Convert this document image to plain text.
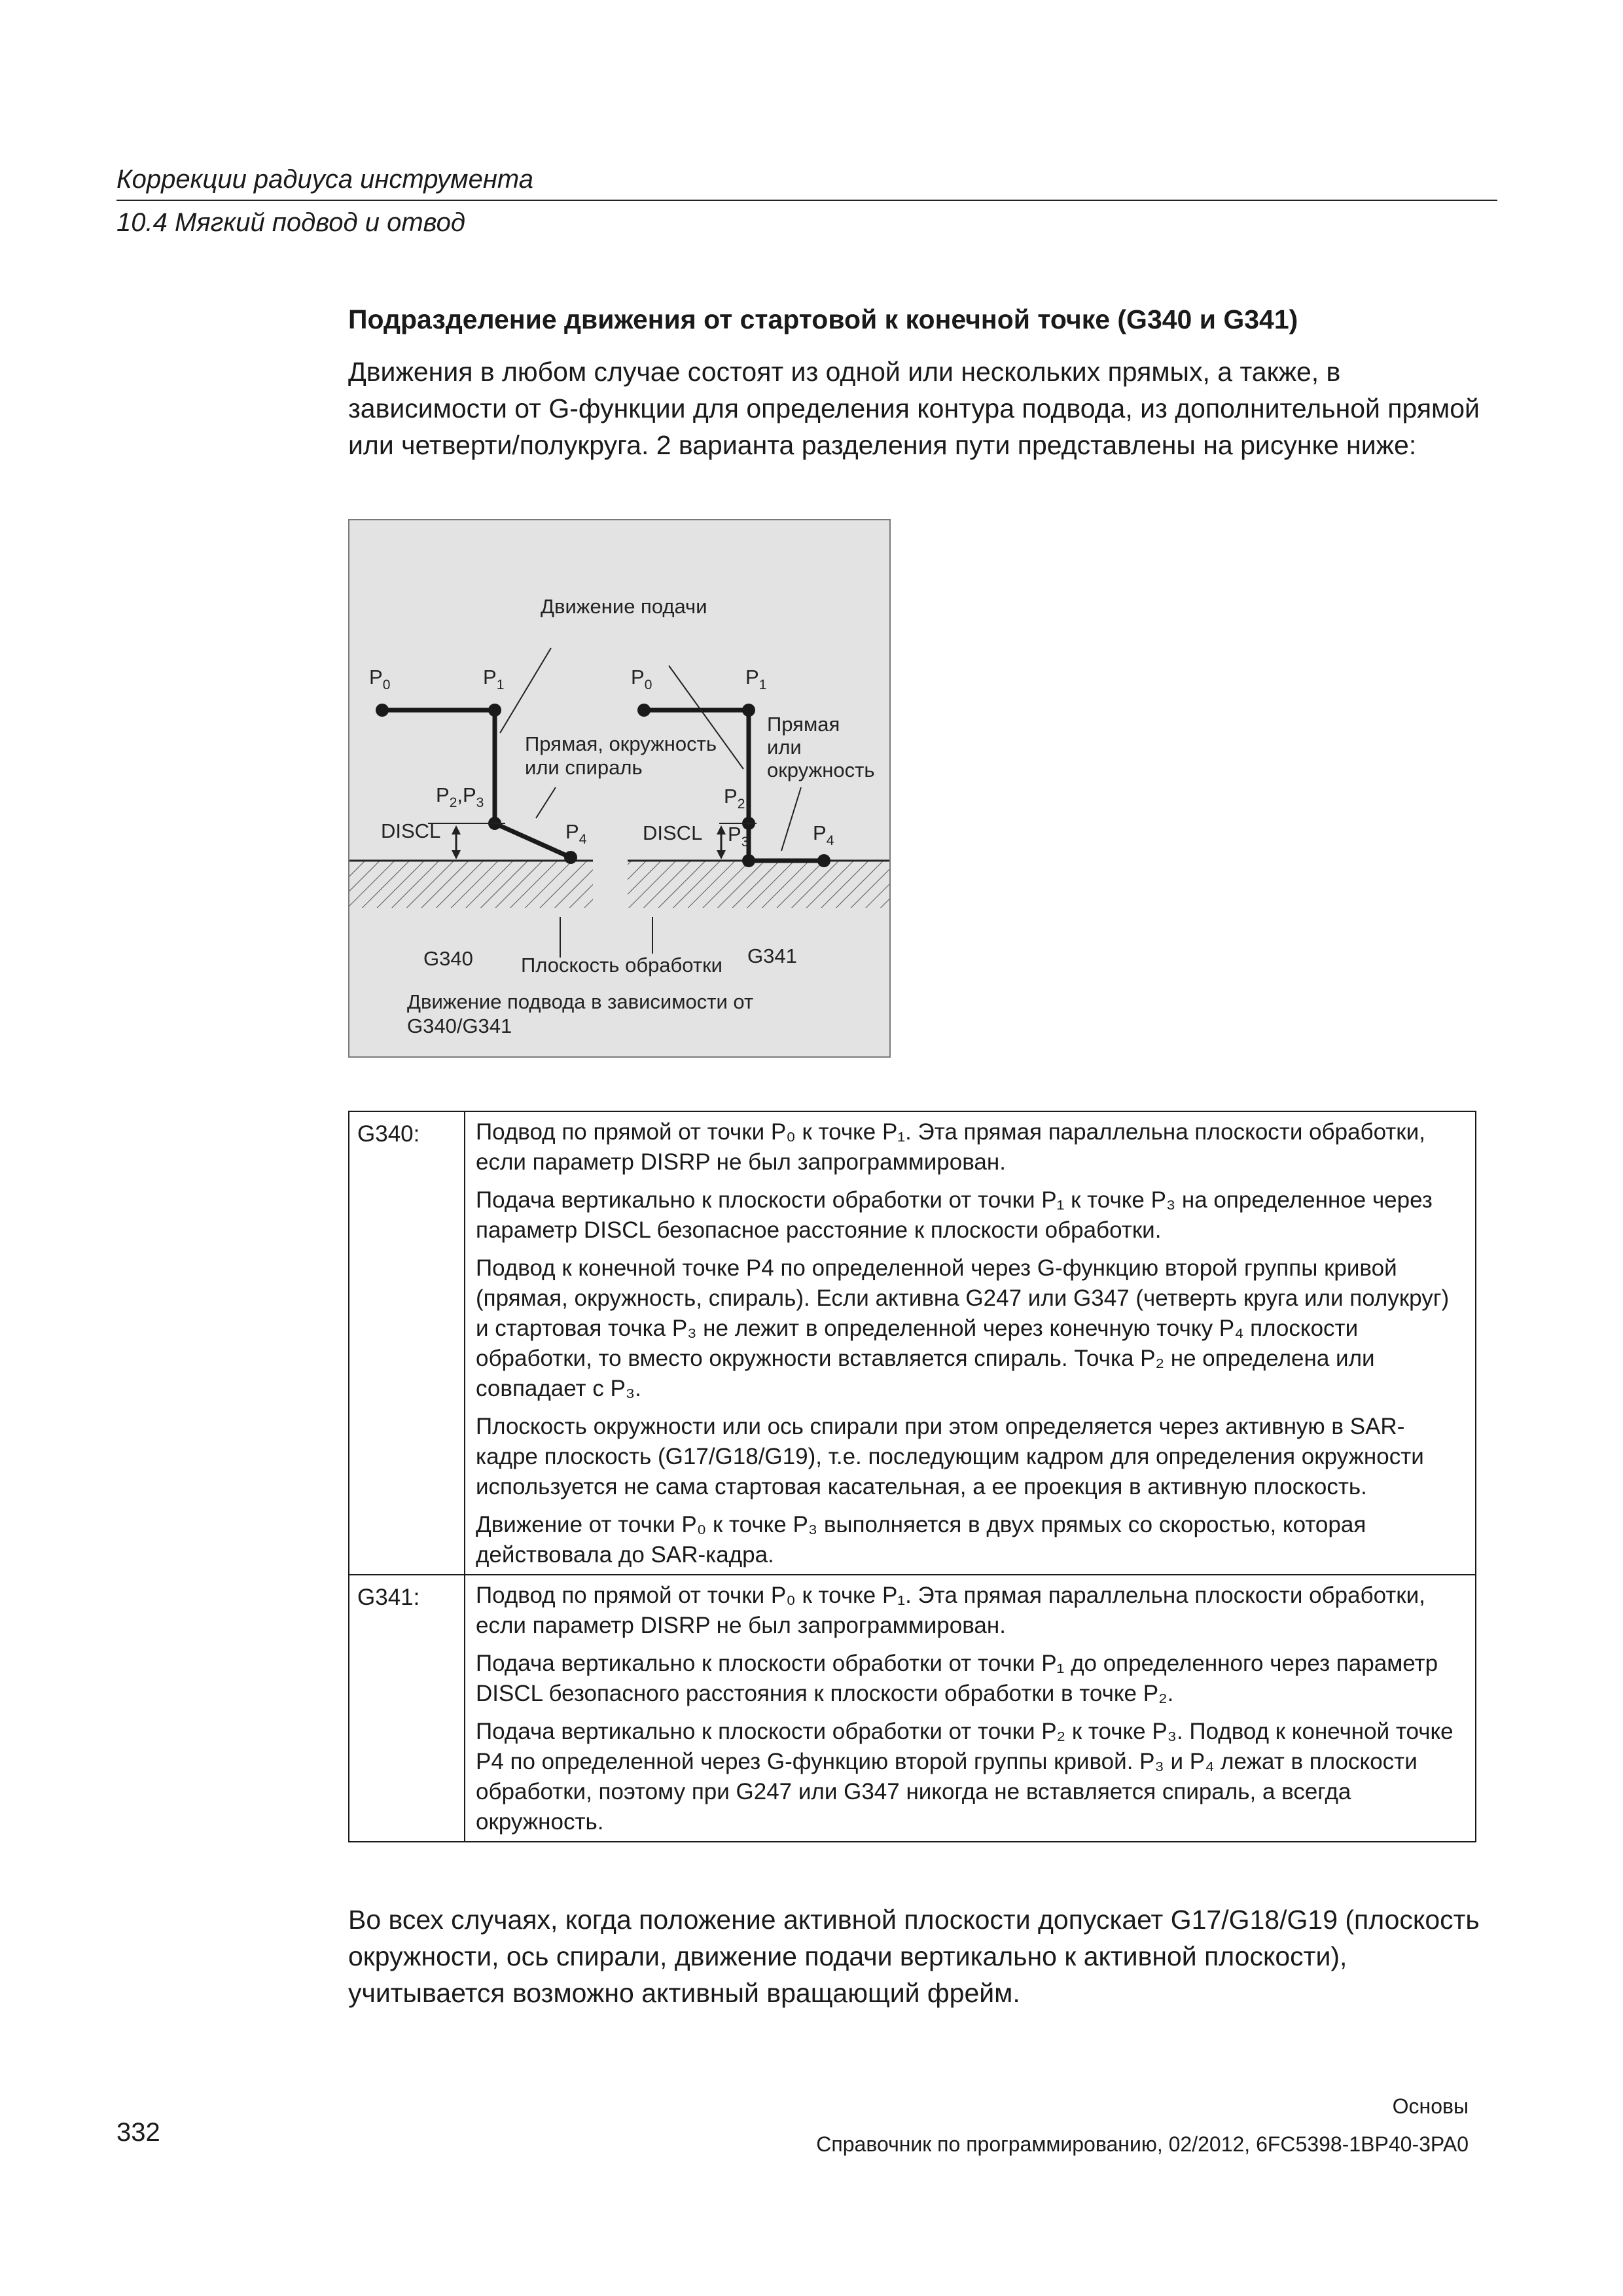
Коррекции радиуса инструмента
10.4 Мягкий подвод и отвод
Подразделение движения от стартовой к конечной точке (G340 и G341)
Движения в любом случае состоят из одной или нескольких прямых, а также, в зависимости от G-функции для определения контура подвода, из дополнительной прямой или четверти/полукруга. 2 варианта разделения пути представлены на рисунке ниже:
Движение подачи
$P_0$	$P_1$
$P_2,P_3$
$P_4$
DISCL
Прямая, окружность
или спираль
G340
$P_0$	$P_1$
$P_2$
$P_3$	$P_4$
DISCL
Прямая
или
окружность
G341
Плоскость обработки
Движение подвода в зависимости от
G340/G341
G340:	Подвод по прямой от точки P₀ к точке P₁. Эта прямая параллельна плоскости обработки, если параметр DISRP не был запрограммирован.

Подача вертикально к плоскости обработки от точки P₁ к точке P₃ на определенное через параметр DISCL безопасное расстояние к плоскости обработки.

Подвод к конечной точке P4 по определенной через G-функцию второй группы кривой (прямая, окружность, спираль). Если активна G247 или G347 (четверть круга или полукруг) и стартовая точка P₃ не лежит в определенной через конечную точку P₄ плоскости обработки, то вместо окружности вставляется спираль. Точка P₂ не определена или совпадает с P₃.

Плоскость окружности или ось спирали при этом определяется через активную в SAR-кадре плоскость (G17/G18/G19), т.е. последующим кадром для определения окружности используется не сама стартовая касательная, а ее проекция в активную плоскость.

Движение от точки P₀ к точке P₃ выполняется в двух прямых со скоростью, которая действовала до SAR-кадра.

G341:	Подвод по прямой от точки P₀ к точке P₁. Эта прямая параллельна плоскости обработки, если параметр DISRP не был запрограммирован.

Подача вертикально к плоскости обработки от точки P₁ до определенного через параметр DISCL безопасного расстояния к плоскости обработки в точке P₂.

Подача вертикально к плоскости обработки от точки P₂ к точке P₃. Подвод к конечной точке P4 по определенной через G-функцию второй группы кривой. P₃ и P₄ лежат в плоскости обработки, поэтому при G247 или G347 никогда не вставляется спираль, а всегда окружность.

Во всех случаях, когда положение активной плоскости допускает G17/G18/G19 (плоскость окружности, ось спирали, движение подачи вертикально к активной плоскости), учитывается возможно активный вращающий фрейм.
Основы
332	Справочник по программированию, 02/2012, 6FC5398-1BP40-3PA0
